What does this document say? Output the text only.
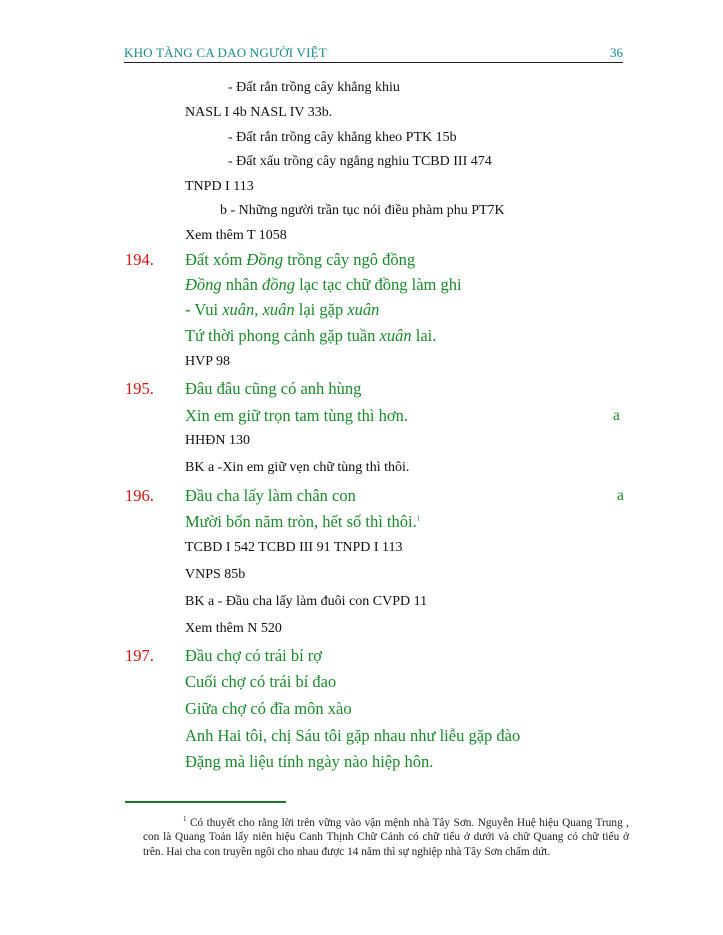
KHO TÀNG CA DAO NGƯỜI VIỆT	36
- Đất rắn trồng cây khẳng khiu
NASL I 4b NASL IV 33b.
- Đất rắn trồng cây khẳng kheo PTK 15b
- Đất xấu trồng cây ngẳng nghiu TCBD III 474
TNPD I 113
b - Những người trần tục nói điều phàm phu PT7K
Xem thêm T 1058
194. Đất xóm Đồng trồng cây ngô đồng
Đồng nhân đồng lạc tạc chữ đồng làm ghi
- Vui xuân, xuân lại gặp xuân
Tứ thời phong cảnh gặp tuần xuân lai.
HVP 98
195. Đâu đâu cũng có anh hùng
Xin em giữ trọn tam tùng thì hơn.	a
HHĐN 130
BK a -Xin em giữ vẹn chữ tùng thì thôi.
196. Đầu cha lấy làm chân con	a
Mười bốn năm tròn, hết số thì thôi.$^1$
TCBD I 542 TCBD III 91 TNPD I 113
VNPS 85b
BK a - Đầu cha lấy làm đuôi con CVPD 11
Xem thêm N 520
197. Đầu chợ có trái bí rợ
Cuối chợ có trái bí đao
Giữa chợ có đĩa môn xào
Anh Hai tôi, chị Sáu tôi gặp nhau như liễu gặp đào
Đặng mà liệu tính ngày nào hiệp hôn.
$^1$ Có thuyết cho rằng lời trên vững vào vận mệnh nhà Tây Sơn. Nguyễn Huệ hiệu Quang Trung , con là Quang Toản lấy niên hiệu Canh Thịnh Chữ Cảnh có chữ tiểu ở dưới và chữ Quang có chữ tiểu ở trên. Hai cha con truyền ngôi cho nhau được 14 năm thì sự nghiệp nhà Tây Sơn chấm dứt.
